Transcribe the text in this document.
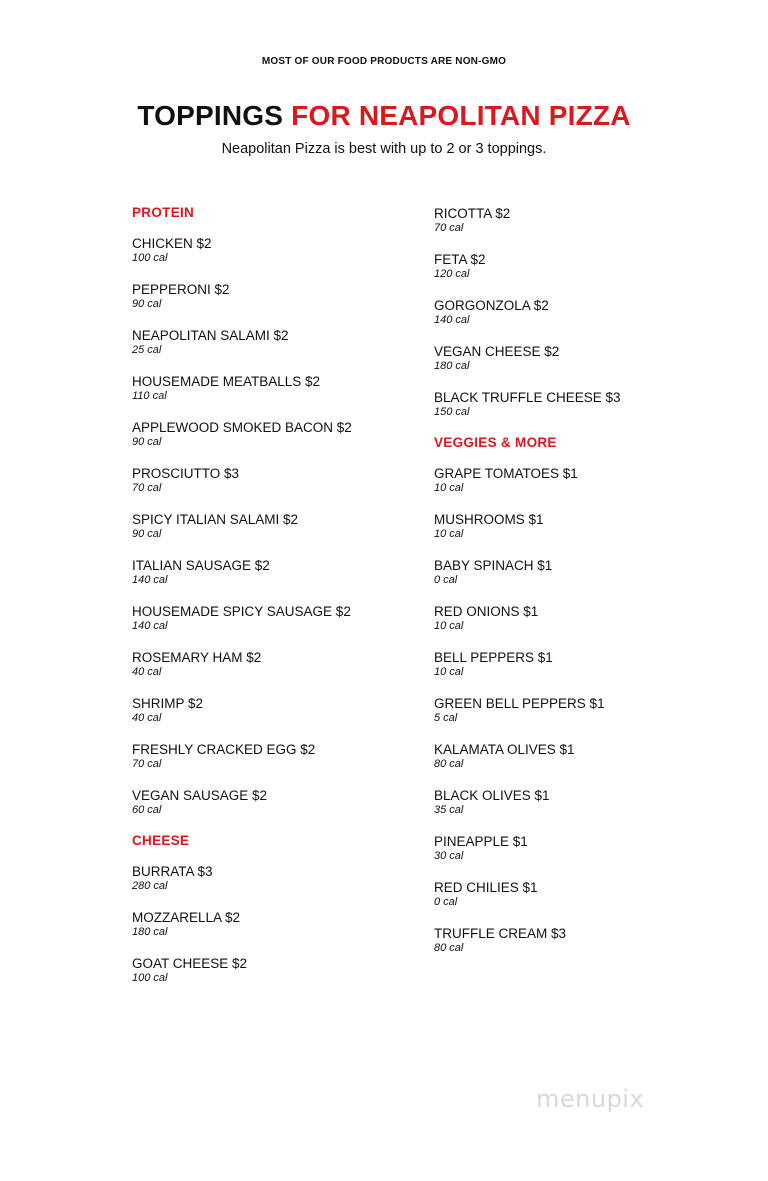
MOST OF OUR FOOD PRODUCTS ARE NON-GMO
TOPPINGS FOR NEAPOLITAN PIZZA
Neapolitan Pizza is best with up to 2 or 3 toppings.
PROTEIN
CHICKEN $2
100 cal
PEPPERONI $2
90 cal
NEAPOLITAN SALAMI $2
25 cal
HOUSEMADE MEATBALLS $2
110 cal
APPLEWOOD SMOKED BACON $2
90 cal
PROSCIUTTO $3
70 cal
SPICY ITALIAN SALAMI $2
90 cal
ITALIAN SAUSAGE $2
140 cal
HOUSEMADE SPICY SAUSAGE $2
140 cal
ROSEMARY HAM $2
40 cal
SHRIMP $2
40 cal
FRESHLY CRACKED EGG $2
70 cal
VEGAN SAUSAGE $2
60 cal
CHEESE
BURRATA $3
280 cal
MOZZARELLA $2
180 cal
GOAT CHEESE $2
100 cal
RICOTTA $2
70 cal
FETA $2
120 cal
GORGONZOLA $2
140 cal
VEGAN CHEESE $2
180 cal
BLACK TRUFFLE CHEESE $3
150 cal
VEGGIES & MORE
GRAPE TOMATOES $1
10 cal
MUSHROOMS $1
10 cal
BABY SPINACH $1
0 cal
RED ONIONS $1
10 cal
BELL PEPPERS $1
10 cal
GREEN BELL PEPPERS $1
5 cal
KALAMATA OLIVES $1
80 cal
BLACK OLIVES $1
35 cal
PINEAPPLE $1
30 cal
RED CHILIES $1
0 cal
TRUFFLE CREAM $3
80 cal
menupix
